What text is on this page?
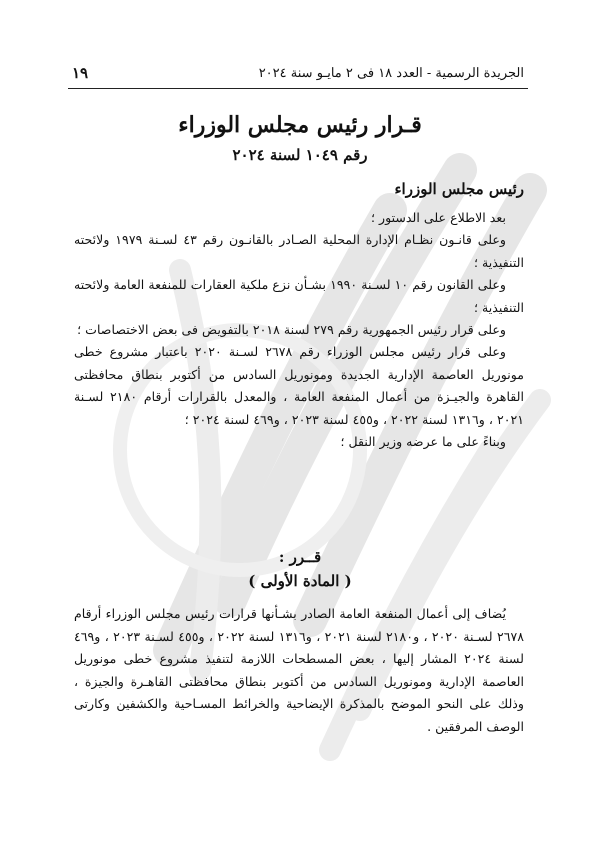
الجريدة الرسمية - العدد ١٨ فى ٢ مايـو سنة ٢٠٢٤
١٩
قـرار رئيس مجلس الوزراء
رقم ١٠٤٩ لسنة ٢٠٢٤
رئيس مجلس الوزراء

بعد الاطلاع على الدستور ؛

وعلى قانـون نظـام الإدارة المحلية الصـادر بالقانـون رقم ٤٣ لسـنة ١٩٧٩ ولائحته التنفيذية ؛

وعلى القانون رقم ١٠ لسـنة ١٩٩٠ بشـأن نزع ملكية العقارات للمنفعة العامة ولائحته التنفيذية ؛

وعلى قرار رئيس الجمهورية رقم ٢٧٩ لسنة ٢٠١٨ بالتفويض فى بعض الاختصاصات ؛

وعلى قرار رئيس مجلس الوزراء رقم ٢٦٧٨ لسـنة ٢٠٢٠ باعتبار مشروع خطى مونوريل العاصمة الإدارية الجديدة ومونوريل السادس من أكتوبر بنطاق محافظتى القاهرة والجيـزة من أعمال المنفعة العامة ، والمعدل بالقرارات أرقام ٢١٨٠ لسـنة ٢٠٢١ ، و١٣١٦ لسنة ٢٠٢٢ ، و٤٥٥ لسنة ٢٠٢٣ ، و٤٦٩ لسنة ٢٠٢٤ ؛

وبناءً على ما عرضه وزير النقل ؛

قــرر :
( المادة الأولى )

يُضاف إلى أعمال المنفعة العامة الصادر بشـأنها قرارات رئيس مجلس الوزراء أرقام ٢٦٧٨ لسـنة ٢٠٢٠ ، و٢١٨٠ لسنة ٢٠٢١ ، و١٣١٦ لسنة ٢٠٢٢ ، و٤٥٥ لسـنة ٢٠٢٣ ، و٤٦٩ لسنة ٢٠٢٤ المشار إليها ، بعض المسطحات اللازمة لتنفيذ مشروع خطى مونوريل العاصمة الإدارية ومونوريل السادس من أكتوبر بنطاق محافظتى القاهـرة والجيزة ، وذلك على النحو الموضح بالمذكرة الإيضاحية والخرائط المسـاحية والكشفين وكارتى الوصف المرفقين .
